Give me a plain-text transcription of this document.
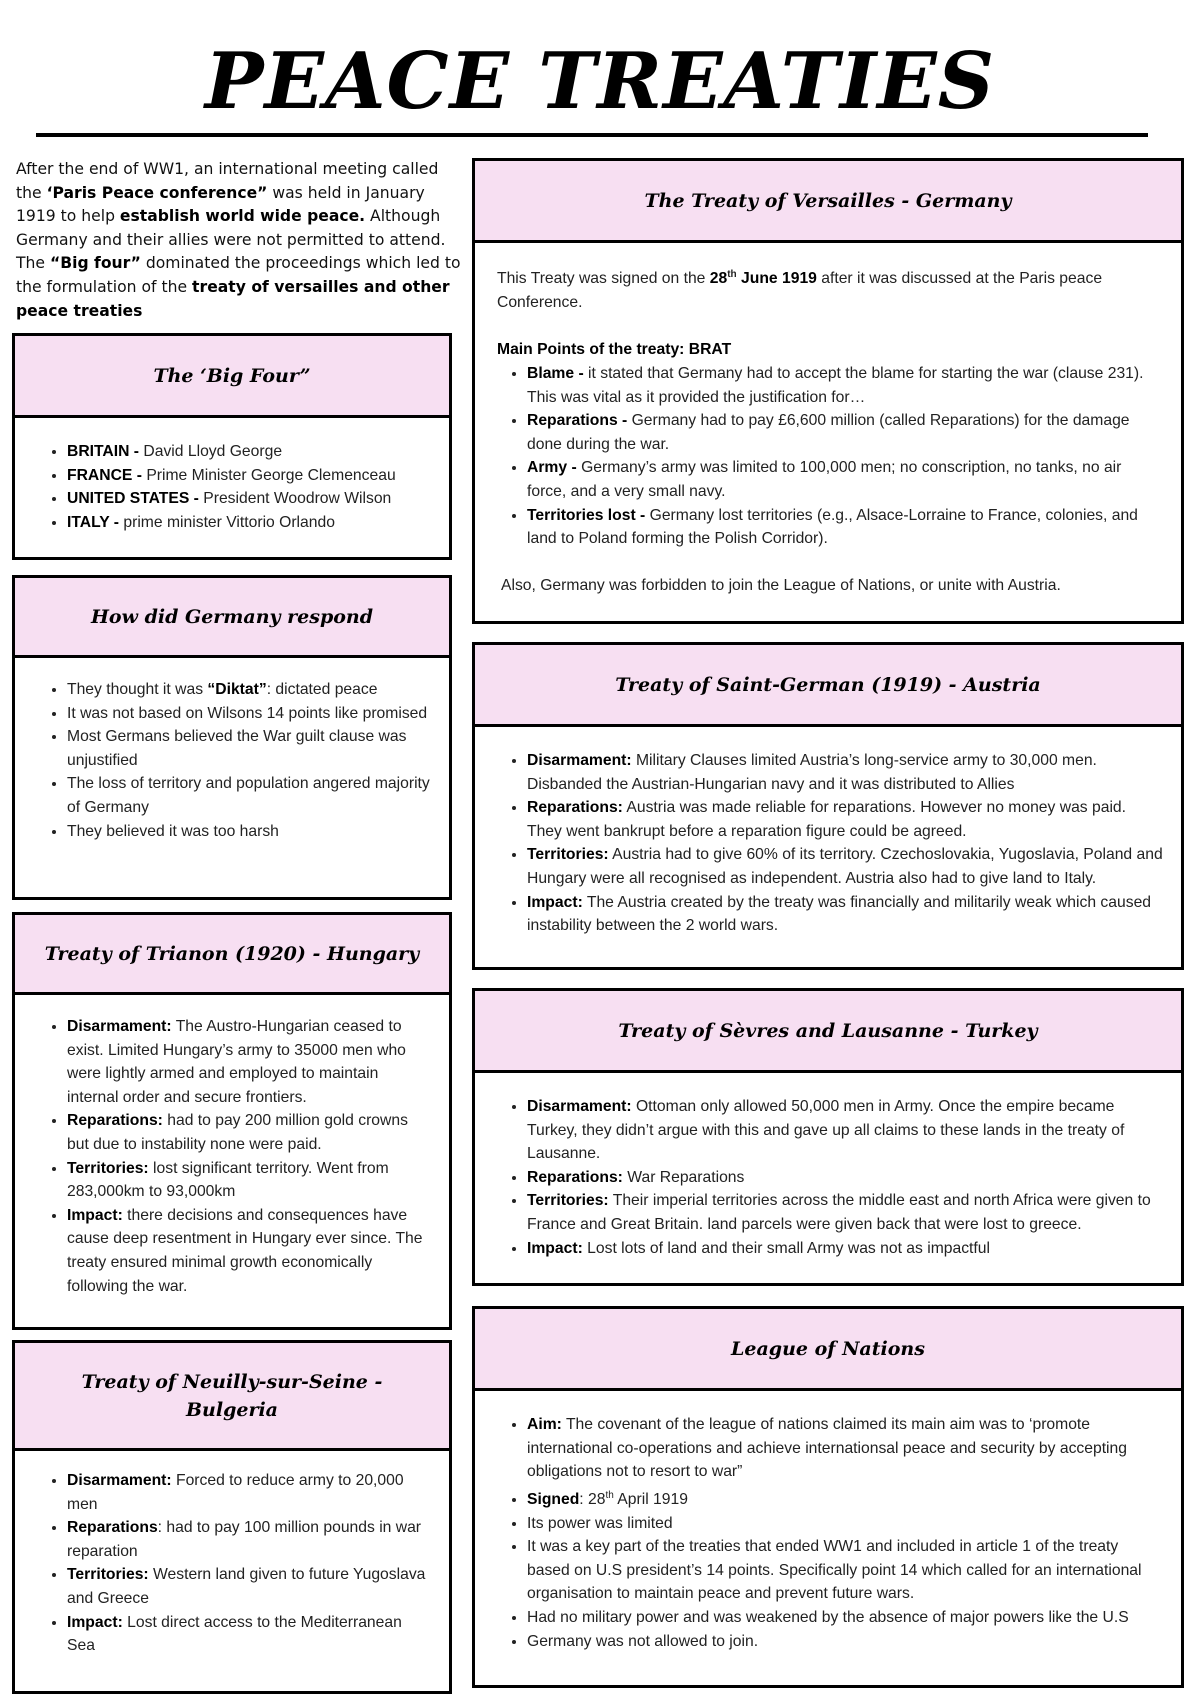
PEACE TREATIES
After the end of WW1, an international meeting called the ‘Paris Peace conference” was held in January 1919 to help establish world wide peace. Although Germany and their allies were not permitted to attend. The “Big four” dominated the proceedings which led to the formulation of the treaty of versailles and other peace treaties
The ‘Big Four”
• BRITAIN - David Lloyd George
• FRANCE - Prime Minister George Clemenceau
• UNITED STATES - President Woodrow Wilson
• ITALY - prime minister Vittorio Orlando
How did Germany respond
• They thought it was “Diktat”: dictated peace
• It was not based on Wilsons 14 points like promised
• Most Germans believed the War guilt clause was unjustified
• The loss of territory and population angered majority of Germany
• They believed it was too harsh
Treaty of Trianon (1920) - Hungary
• Disarmament: The Austro-Hungarian ceased to exist. Limited Hungary’s army to 35000 men who were lightly armed and employed to maintain internal order and secure frontiers.
• Reparations: had to pay 200 million gold crowns but due to instability none were paid.
• Territories: lost significant territory. Went from 283,000km to 93,000km
• Impact: there decisions and consequences have cause deep resentment in Hungary ever since. The treaty ensured minimal growth economically following the war.
Treaty of Neuilly-sur-Seine -
Bulgeria
• Disarmament: Forced to reduce army to 20,000 men
• Reparations: had to pay 100 million pounds in war reparation
• Territories: Western land given to future Yugoslava and Greece
• Impact: Lost direct access to the Mediterranean Sea
The Treaty of Versailles - Germany

This Treaty was signed on the 28th June 1919 after it was discussed at the Paris peace Conference.

Main Points of the treaty: BRAT

• Blame - it stated that Germany had to accept the blame for starting the war (clause 231). This was vital as it provided the justification for…
• Reparations - Germany had to pay £6,600 million (called Reparations) for the damage done during the war.
• Army - Germany’s army was limited to 100,000 men; no conscription, no tanks, no air force, and a very small navy.
• Territories lost - Germany lost territories (e.g., Alsace-Lorraine to France, colonies, and land to Poland forming the Polish Corridor).

Also, Germany was forbidden to join the League of Nations, or unite with Austria.

Treaty of Saint-German (1919) - Austria
• Disarmament: Military Clauses limited Austria’s long-service army to 30,000 men. Disbanded the Austrian-Hungarian navy and it was distributed to Allies
• Reparations: Austria was made reliable for reparations. However no money was paid. They went bankrupt before a reparation figure could be agreed.
• Territories: Austria had to give 60% of its territory. Czechoslovakia, Yugoslavia, Poland and Hungary were all recognised as independent. Austria also had to give land to Italy.
• Impact: The Austria created by the treaty was financially and militarily weak which caused instability between the 2 world wars.
Treaty of Sèvres and Lausanne - Turkey
• Disarmament: Ottoman only allowed 50,000 men in Army. Once the empire became Turkey, they didn’t argue with this and gave up all claims to these lands in the treaty of Lausanne.
• Reparations: War Reparations
• Territories: Their imperial territories across the middle east and north Africa were given to France and Great Britain. land parcels were given back that were lost to greece.
• Impact: Lost lots of land and their small Army was not as impactful
League of Nations
• Aim: The covenant of the league of nations claimed its main aim was to ‘promote international co-operations and achieve internationsal peace and security by accepting obligations not to resort to war”
• Signed: 28th April 1919
• Its power was limited
• It was a key part of the treaties that ended WW1 and included in article 1 of the treaty based on U.S president’s 14 points. Specifically point 14 which called for an international organisation to maintain peace and prevent future wars.
• Had no military power and was weakened by the absence of major powers like the U.S
• Germany was not allowed to join.
